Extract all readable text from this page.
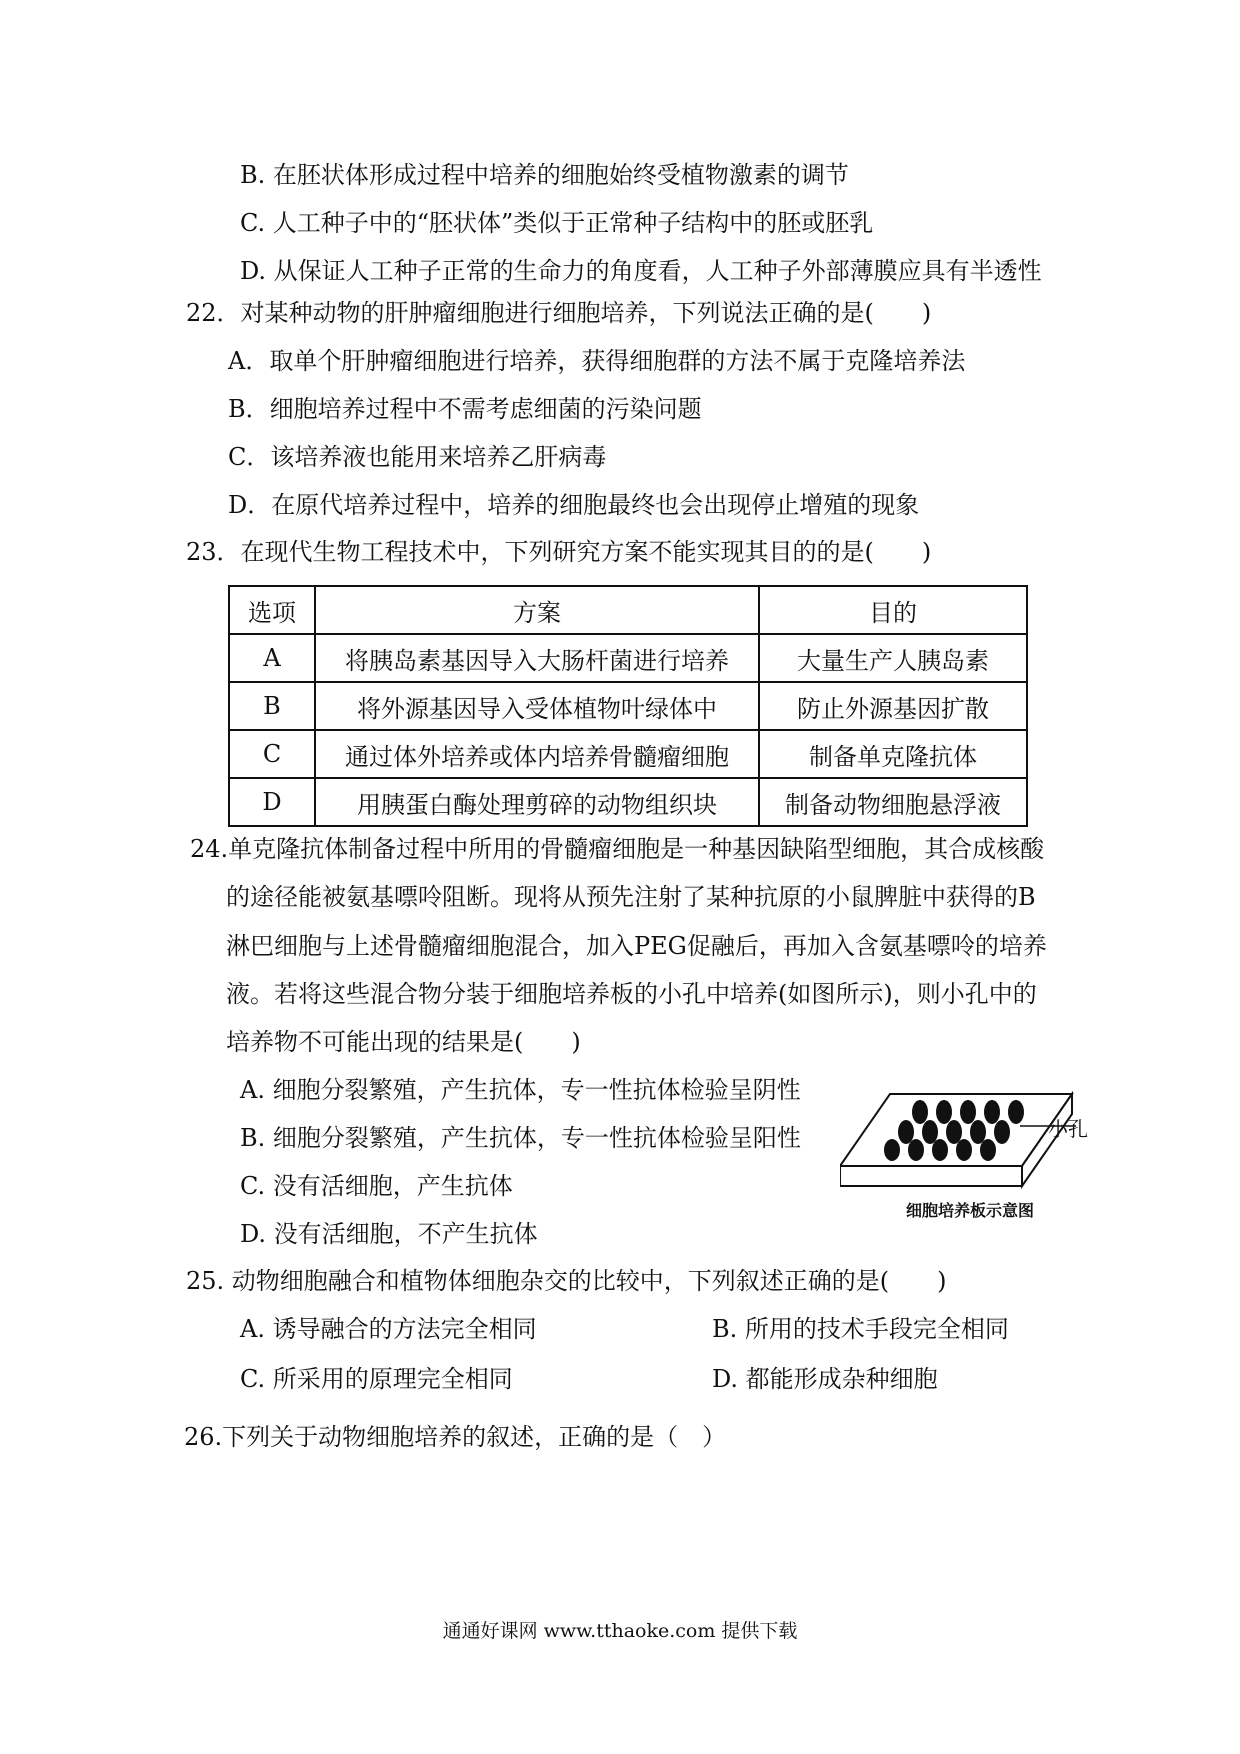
B. 在胚状体形成过程中培养的细胞始终受植物激素的调节
C. 人工种子中的“胚状体”类似于正常种子结构中的胚或胚乳
D. 从保证人工种子正常的生命力的角度看，人工种子外部薄膜应具有半透性
22．对某种动物的肝肿瘤细胞进行细胞培养，下列说法正确的是(　　)
A．取单个肝肿瘤细胞进行培养，获得细胞群的方法不属于克隆培养法
B．细胞培养过程中不需考虑细菌的污染问题
C．该培养液也能用来培养乙肝病毒
D．在原代培养过程中，培养的细胞最终也会出现停止增殖的现象
23．在现代生物工程技术中，下列研究方案不能实现其目的的是(　　)
选项	方案	目的
A	将胰岛素基因导入大肠杆菌进行培养	大量生产人胰岛素
B	将外源基因导入受体植物叶绿体中	防止外源基因扩散
C	通过体外培养或体内培养骨髓瘤细胞	制备单克隆抗体
D	用胰蛋白酶处理剪碎的动物组织块	制备动物细胞悬浮液
24.单克隆抗体制备过程中所用的骨髓瘤细胞是一种基因缺陷型细胞，其合成核酸
的途径能被氨基嘌呤阻断。现将从预先注射了某种抗原的小鼠脾脏中获得的B
淋巴细胞与上述骨髓瘤细胞混合，加入PEG促融后，再加入含氨基嘌呤的培养
液。若将这些混合物分装于细胞培养板的小孔中培养(如图所示)，则小孔中的
培养物不可能出现的结果是(　　)
A. 细胞分裂繁殖，产生抗体，专一性抗体检验呈阴性
B. 细胞分裂繁殖，产生抗体，专一性抗体检验呈阳性
C. 没有活细胞，产生抗体
D. 没有活细胞，不产生抗体
小孔
细胞培养板示意图
25. 动物细胞融合和植物体细胞杂交的比较中，下列叙述正确的是(　　)
A. 诱导融合的方法完全相同	B. 所用的技术手段完全相同
C. 所采用的原理完全相同	D. 都能形成杂种细胞
26.下列关于动物细胞培养的叙述，正确的是（　）
通通好课网 www.tthaoke.com 提供下载
